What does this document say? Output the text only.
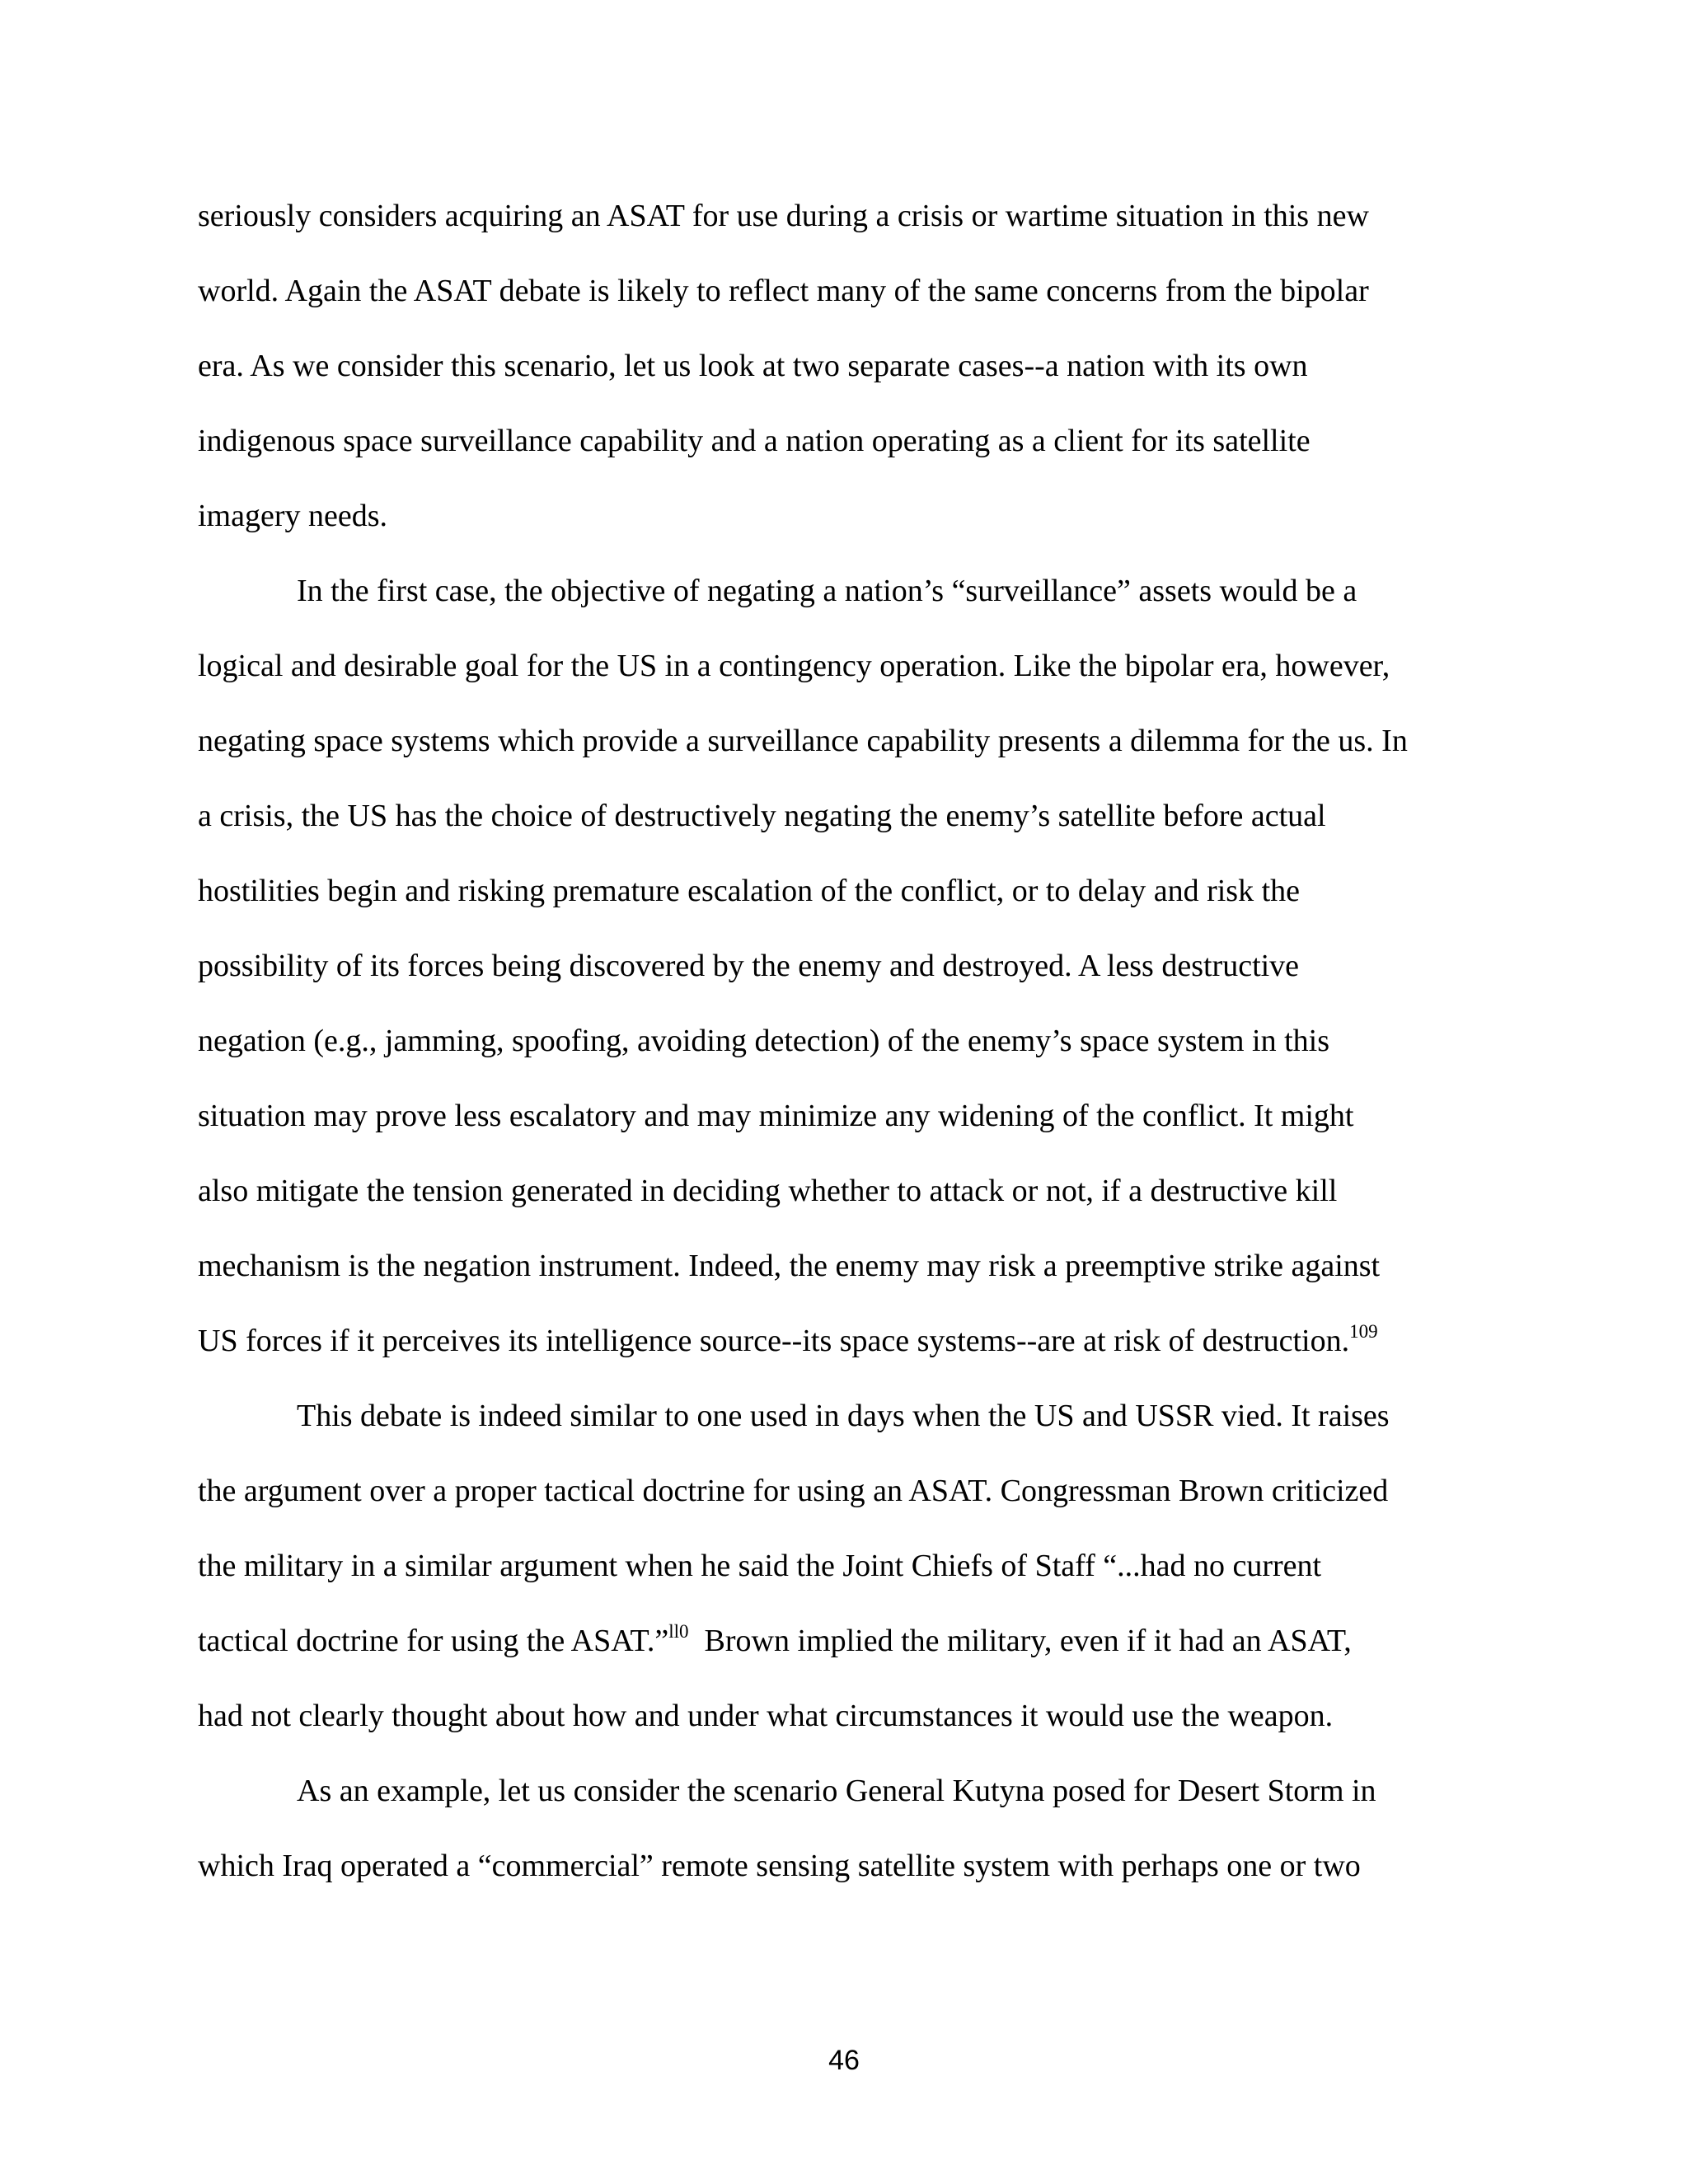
seriously considers acquiring an ASAT for use during a crisis or wartime situation in this new

world. Again the ASAT debate is likely to reflect many of the same concerns from the bipolar

era. As we consider this scenario, let us look at two separate cases--a nation with its own

indigenous space surveillance capability and a nation operating as a client for its satellite

imagery needs.

In the first case, the objective of negating a nation’s “surveillance” assets would be a

logical and desirable goal for the US in a contingency operation. Like the bipolar era, however,

negating space systems which provide a surveillance capability presents a dilemma for the us. In

a crisis, the US has the choice of destructively negating the enemy’s satellite before actual

hostilities begin and risking premature escalation of the conflict, or to delay and risk the

possibility of its forces being discovered by the enemy and destroyed. A less destructive

negation (e.g., jamming, spoofing, avoiding detection) of the enemy’s space system in this

situation may prove less escalatory and may minimize any widening of the conflict. It might

also mitigate the tension generated in deciding whether to attack or not, if a destructive kill

mechanism is the negation instrument. Indeed, the enemy may risk a preemptive strike against

US forces if it perceives its intelligence source--its space systems--are at risk of destruction.$^{109}$

This debate is indeed similar to one used in days when the US and USSR vied. It raises

the argument over a proper tactical doctrine for using an ASAT. Congressman Brown criticized

the military in a similar argument when he said the Joint Chiefs of Staff “...had no current

tactical doctrine for using the ASAT.”$^{ll0}$  Brown implied the military, even if it had an ASAT,

had not clearly thought about how and under what circumstances it would use the weapon.

As an example, let us consider the scenario General Kutyna posed for Desert Storm in

which Iraq operated a “commercial” remote sensing satellite system with perhaps one or two

46
